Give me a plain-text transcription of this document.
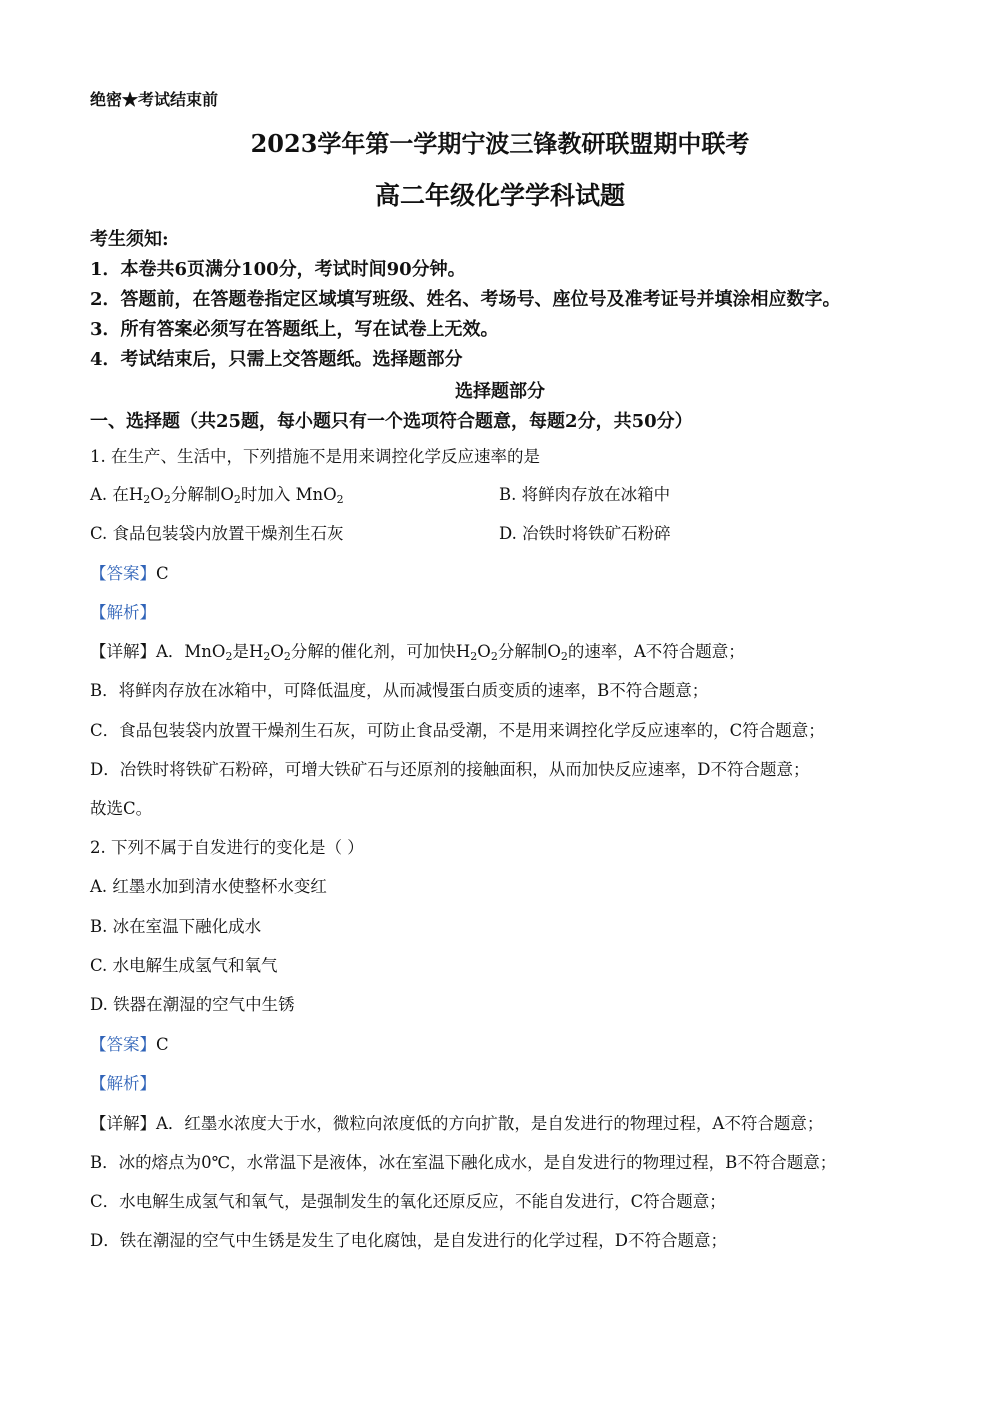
绝密★考试结束前
2023学年第一学期宁波三锋教研联盟期中联考
高二年级化学学科试题
考生须知:
1．本卷共6页满分100分，考试时间90分钟。
2．答题前，在答题卷指定区域填写班级、姓名、考场号、座位号及准考证号并填涂相应数字。
3．所有答案必须写在答题纸上，写在试卷上无效。
4．考试结束后，只需上交答题纸。选择题部分
选择题部分
一、选择题（共25题，每小题只有一个选项符合题意，每题2分，共50分）
1. 在生产、生活中，下列措施不是用来调控化学反应速率的是
A. 在$H_2O_2$分解制$O_2$时加入 MnO$_2$	B. 将鲜肉存放在冰箱中
C. 食品包装袋内放置干燥剂生石灰	D. 冶铁时将铁矿石粉碎
【答案】C
【解析】
【详解】A．MnO$_2$是$H_2O_2$分解的催化剂，可加快$H_2O_2$分解制$O_2$的速率，A不符合题意；
B．将鲜肉存放在冰箱中，可降低温度，从而减慢蛋白质变质的速率，B不符合题意；
C．食品包装袋内放置干燥剂生石灰，可防止食品受潮，不是用来调控化学反应速率的，C符合题意；
D．冶铁时将铁矿石粉碎，可增大铁矿石与还原剂的接触面积，从而加快反应速率，D不符合题意；
故选C。
2. 下列不属于自发进行的变化是（ ）
A. 红墨水加到清水使整杯水变红
B. 冰在室温下融化成水
C. 水电解生成氢气和氧气
D. 铁器在潮湿的空气中生锈
【答案】C
【解析】
【详解】A．红墨水浓度大于水，微粒向浓度低的方向扩散，是自发进行的物理过程，A不符合题意；
B．冰的熔点为0℃，水常温下是液体，冰在室温下融化成水，是自发进行的物理过程，B不符合题意；
C．水电解生成氢气和氧气，是强制发生的氧化还原反应，不能自发进行，C符合题意；
D．铁在潮湿的空气中生锈是发生了电化腐蚀，是自发进行的化学过程，D不符合题意；
